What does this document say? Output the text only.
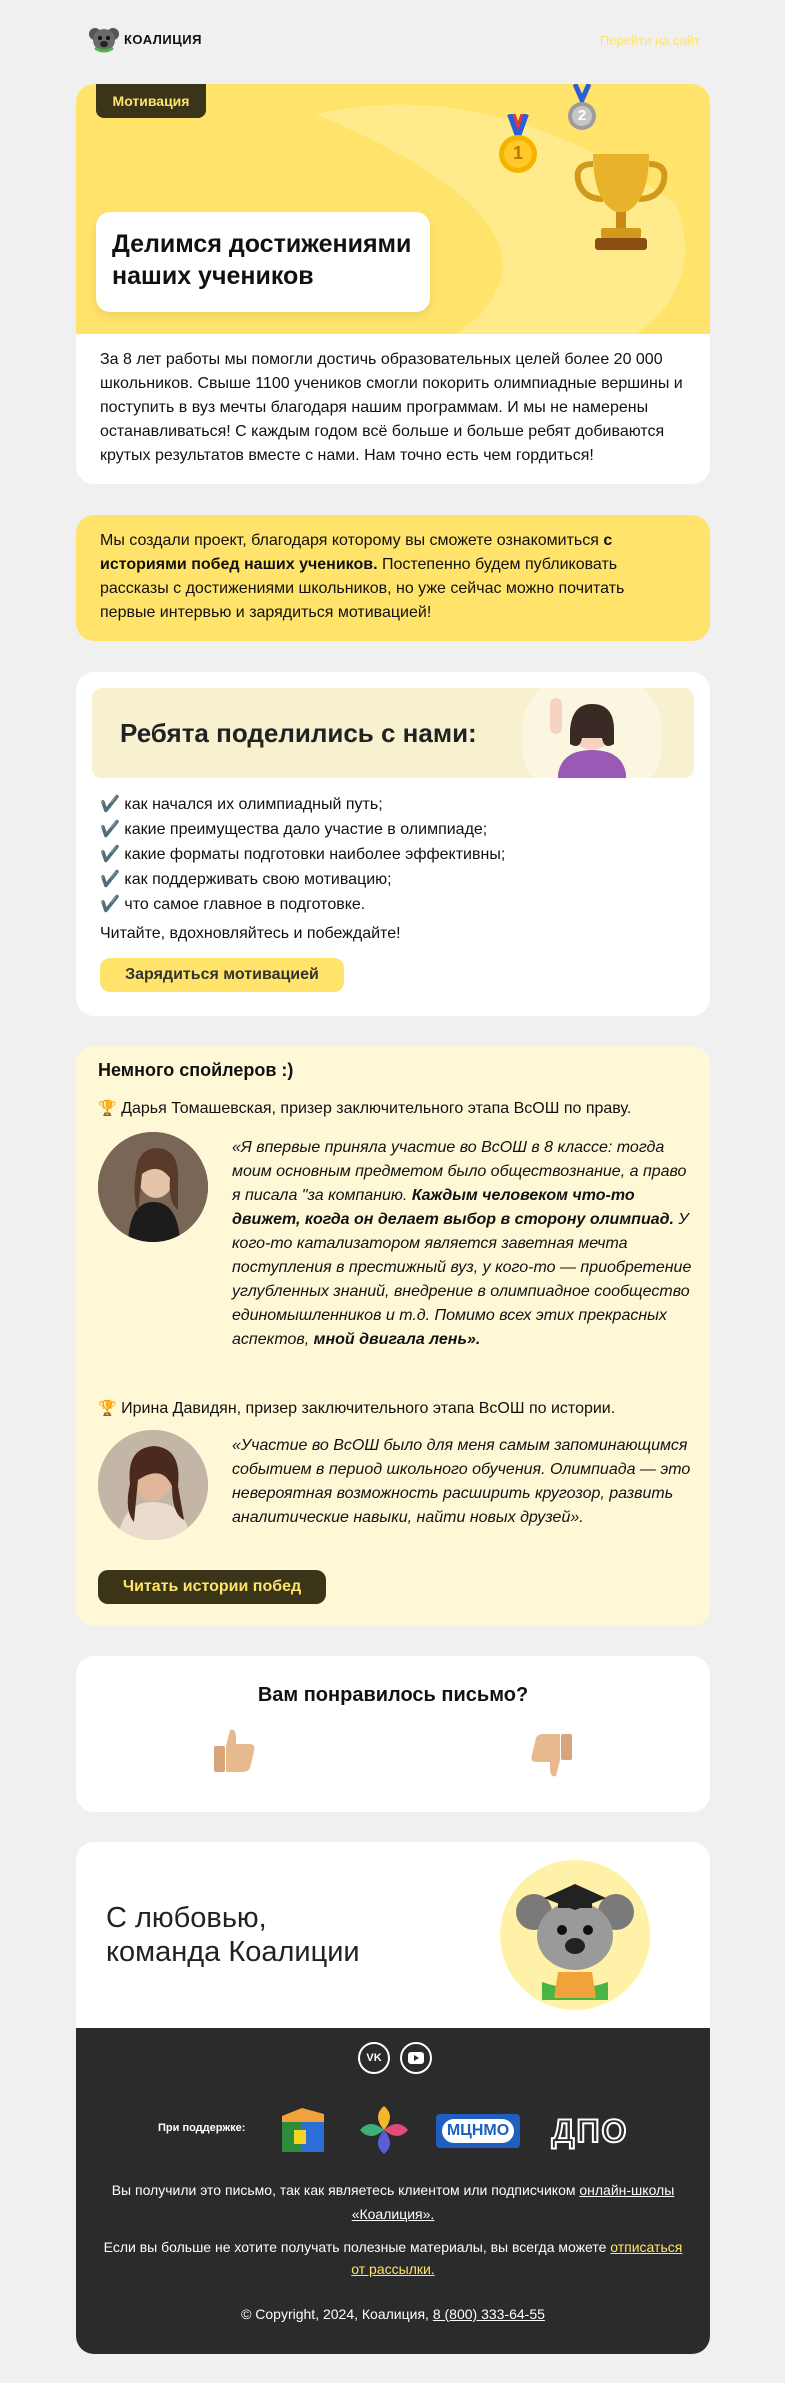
КОАЛИЦИЯ	Перейти на сайт
Мотивация
1
2
Делимся достижениями
наших учеников
За 8 лет работы мы помогли достичь образовательных целей более 20 000 школьников. Свыше 1100 учеников смогли покорить олимпиадные вершины и поступить в вуз мечты благодаря нашим программам. И мы не намерены останавливаться! С каждым годом всё больше и больше ребят добиваются крутых результатов вместе с нами. Нам точно есть чем гордиться!
Мы создали проект, благодаря которому вы сможете ознакомиться с историями побед наших учеников. Постепенно будем публиковать рассказы с достижениями школьников, но уже сейчас можно почитать первые интервью и зарядиться мотивацией!
Ребята поделились с нами:
✔️ как начался их олимпиадный путь;
✔️ какие преимущества дало участие в олимпиаде;
✔️ какие форматы подготовки наиболее эффективны;
✔️ как поддерживать свою мотивацию;
✔️ что самое главное в подготовке.
Читайте, вдохновляйтесь и побеждайте!
Зарядиться мотивацией
Немного спойлеров :)
🏆 Дарья Томашевская, призер заключительного этапа ВсОШ по праву.
«Я впервые приняла участие во ВсОШ в 8 классе: тогда моим основным предметом было обществознание, а право я писала "за компанию. Каждым человеком что-то движет, когда он делает выбор в сторону олимпиад. У кого-то катализатором является заветная мечта поступления в престижный вуз, у кого-то — приобретение углубленных знаний, внедрение в олимпиадное сообщество единомышленников и т.д. Помимо всех этих прекрасных аспектов, мной двигала лень».
🏆 Ирина Давидян, призер заключительного этапа ВсОШ по истории.
«Участие во ВсОШ было для меня самым запоминающимся событием в период школьного обучения. Олимпиада — это невероятная возможность расширить кругозор, развить аналитические навыки, найти новых друзей».
Читать истории побед
Вам понравилось письмо?
С любовью,
команда Коалиции
VK
При поддержке:	МЦНМО ДПО
Вы получили это письмо, так как являетесь клиентом или подписчиком онлайн-школы «Коалиция».
Если вы больше не хотите получать полезные материалы, вы всегда можете отписаться от рассылки.
© Copyright, 2024, Коалиция, 8 (800) 333-64-55
